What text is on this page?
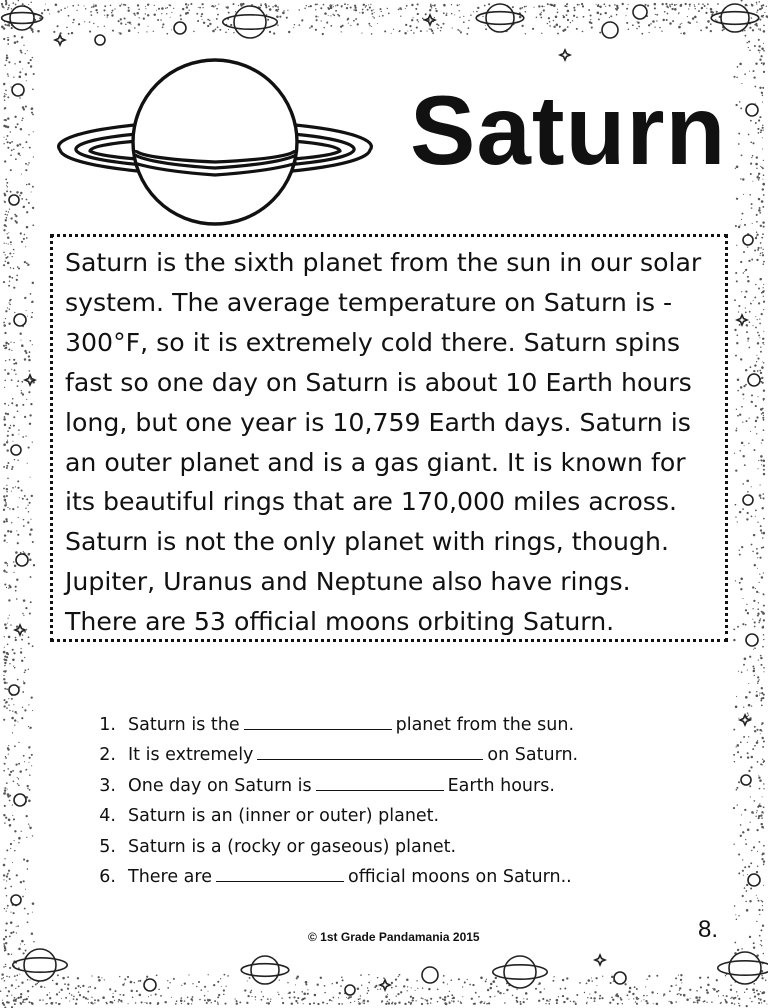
Saturn
Saturn is the sixth planet from the sun in our solar
system. The average temperature on Saturn is -
300°F, so it is extremely cold there. Saturn spins
fast so one day on Saturn is about 10 Earth hours
long, but one year is 10,759 Earth days. Saturn is
an outer planet and is a gas giant. It is known for
its beautiful rings that are 170,000 miles across.
Saturn is not the only planet with rings, though.
Jupiter, Uranus and Neptune also have rings.
There are 53 official moons orbiting Saturn.
1. Saturn is the	planet from the sun.
2. It is extremely	on Saturn.
3. One day on Saturn is	Earth hours.
4. Saturn is an (inner or outer) planet.
5. Saturn is a (rocky or gaseous) planet.
6. There are	official moons on Saturn..
© 1st Grade Pandamania 2015	8.
